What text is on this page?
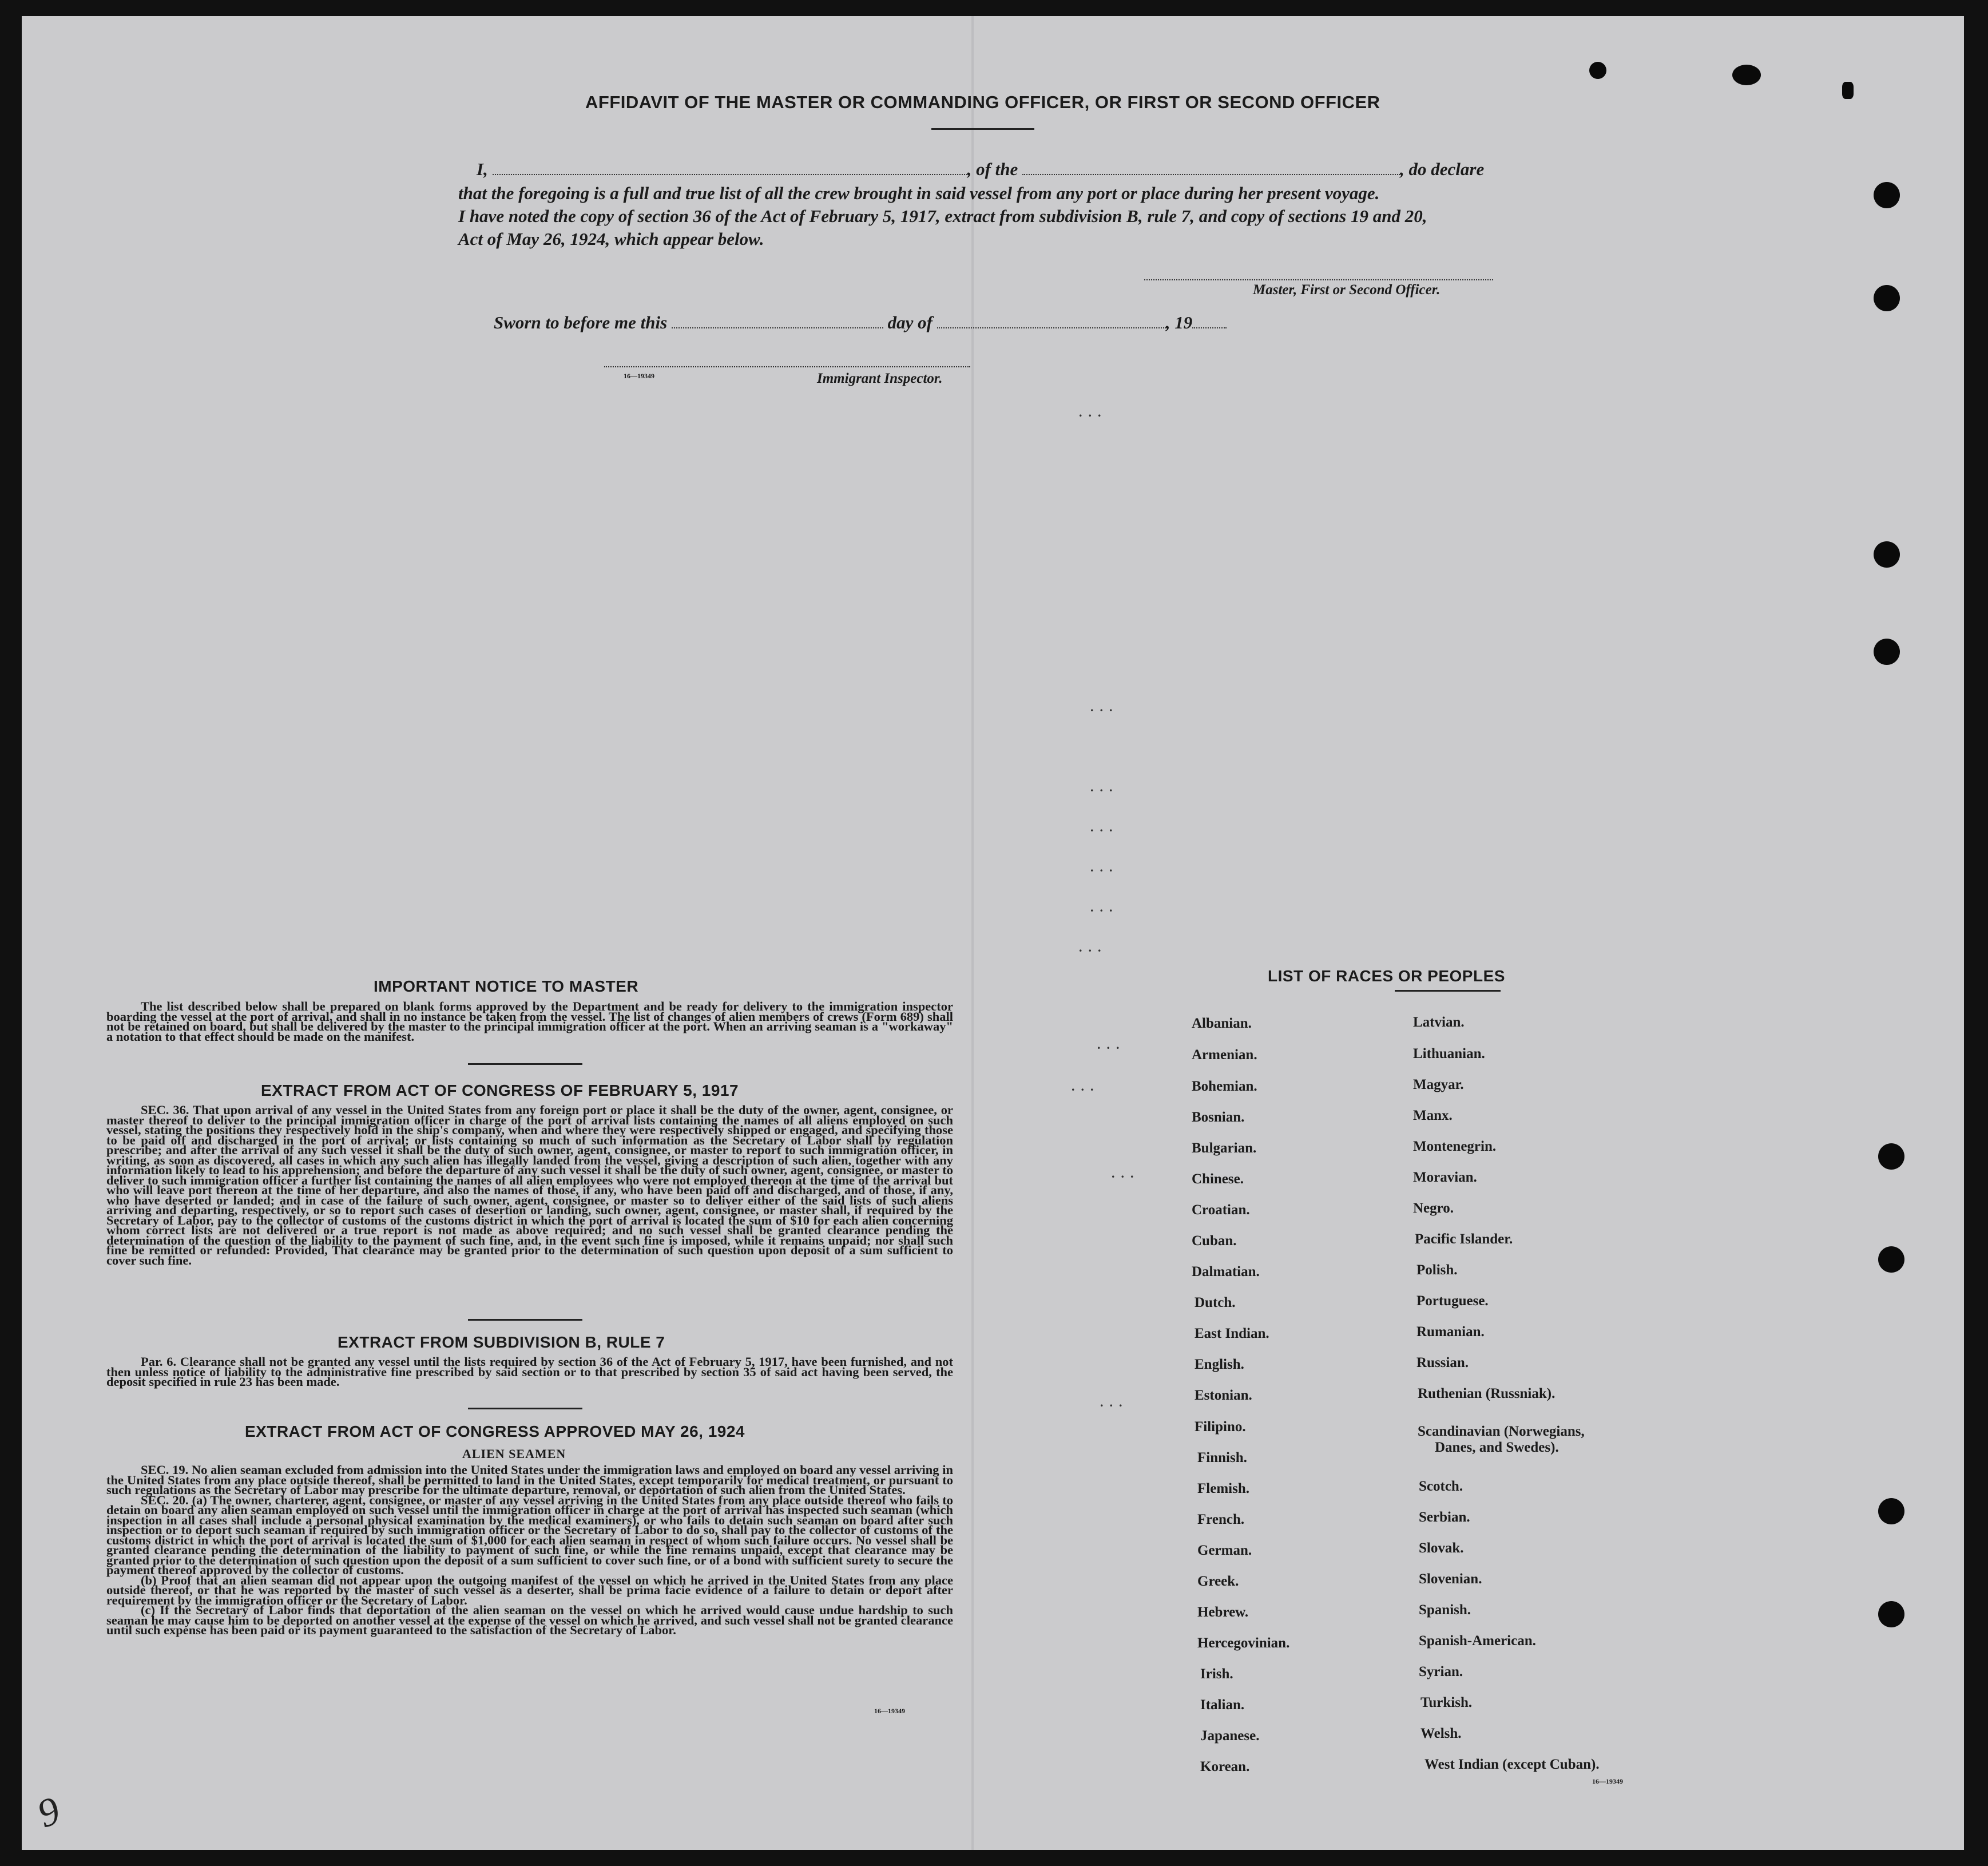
AFFIDAVIT OF THE MASTER OR COMMANDING OFFICER, OR FIRST OR SECOND OFFICER
I,	, of the	, do declare
that the foregoing is a full and true list of all the crew brought in said vessel from any port or place during her present voyage.
I have noted the copy of section 36 of the Act of February 5, 1917, extract from subdivision B, rule 7, and copy of sections 19 and 20,
Act of May 26, 1924, which appear below.
Master, First or Second Officer.
Sworn to before me this	day of	, 19
16—19349	Immigrant Inspector.
IMPORTANT NOTICE TO MASTER

The list described below shall be prepared on blank forms approved by the Department and be ready for delivery to the immigration inspector boarding the vessel at the port of arrival, and shall in no instance be taken from the vessel. The list of changes of alien members of crews (Form 689) shall not be retained on board, but shall be delivered by the master to the principal immigration officer at the port. When an arriving seaman is a "workaway" a notation to that effect should be made on the manifest.

EXTRACT FROM ACT OF CONGRESS OF FEBRUARY 5, 1917

SEC. 36. That upon arrival of any vessel in the United States from any foreign port or place it shall be the duty of the owner, agent, consignee, or master thereof to deliver to the principal immigration officer in charge of the port of arrival lists containing the names of all aliens employed on such vessel, stating the positions they respectively hold in the ship's company, when and where they were respectively shipped or engaged, and specifying those to be paid off and discharged in the port of arrival; or lists containing so much of such information as the Secretary of Labor shall by regulation prescribe; and after the arrival of any such vessel it shall be the duty of such owner, agent, consignee, or master to report to such immigration officer, in writing, as soon as discovered, all cases in which any such alien has illegally landed from the vessel, giving a description of such alien, together with any information likely to lead to his apprehension; and before the departure of any such vessel it shall be the duty of such owner, agent, consignee, or master to deliver to such immigration officer a further list containing the names of all alien employees who were not employed thereon at the time of the arrival but who will leave port thereon at the time of her departure, and also the names of those, if any, who have been paid off and discharged, and of those, if any, who have deserted or landed; and in case of the failure of such owner, agent, consignee, or master so to deliver either of the said lists of such aliens arriving and departing, respectively, or so to report such cases of desertion or landing, such owner, agent, consignee, or master shall, if required by the Secretary of Labor, pay to the collector of customs of the customs district in which the port of arrival is located the sum of $10 for each alien concerning whom correct lists are not delivered or a true report is not made as above required; and no such vessel shall be granted clearance pending the determination of the question of the liability to the payment of such fine, and, in the event such fine is imposed, while it remains unpaid; nor shall such fine be remitted or refunded: Provided, That clearance may be granted prior to the determination of such question upon deposit of a sum sufficient to cover such fine.

EXTRACT FROM SUBDIVISION B, RULE 7

Par. 6. Clearance shall not be granted any vessel until the lists required by section 36 of the Act of February 5, 1917, have been furnished, and not then unless notice of liability to the administrative fine prescribed by said section or to that prescribed by section 35 of said act having been served, the deposit specified in rule 23 has been made.

EXTRACT FROM ACT OF CONGRESS APPROVED MAY 26, 1924
ALIEN SEAMEN

SEC. 19. No alien seaman excluded from admission into the United States under the immigration laws and employed on board any vessel arriving in the United States from any place outside thereof, shall be permitted to land in the United States, except temporarily for medical treatment, or pursuant to such regulations as the Secretary of Labor may prescribe for the ultimate departure, removal, or deportation of such alien from the United States.

SEC. 20. (a) The owner, charterer, agent, consignee, or master of any vessel arriving in the United States from any place outside thereof who fails to detain on board any alien seaman employed on such vessel until the immigration officer in charge at the port of arrival has inspected such seaman (which inspection in all cases shall include a personal physical examination by the medical examiners), or who fails to detain such seaman on board after such inspection or to deport such seaman if required by such immigration officer or the Secretary of Labor to do so, shall pay to the collector of customs of the customs district in which the port of arrival is located the sum of $1,000 for each alien seaman in respect of whom such failure occurs. No vessel shall be granted clearance pending the determination of the liability to payment of such fine, or while the fine remains unpaid, except that clearance may be granted prior to the determination of such question upon the deposit of a sum sufficient to cover such fine, or of a bond with sufficient surety to secure the payment thereof approved by the collector of customs.

(b) Proof that an alien seaman did not appear upon the outgoing manifest of the vessel on which he arrived in the United States from any place outside thereof, or that he was reported by the master of such vessel as a deserter, shall be prima facie evidence of a failure to detain or deport after requirement by the immigration officer or the Secretary of Labor.

(c) If the Secretary of Labor finds that deportation of the alien seaman on the vessel on which he arrived would cause undue hardship to such seaman he may cause him to be deported on another vessel at the expense of the vessel on which he arrived, and such vessel shall not be granted clearance until such expense has been paid or its payment guaranteed to the satisfaction of the Secretary of Labor.

16—19349
LIST OF RACES OR PEOPLES
Albanian.
Armenian.
Bohemian.
Bosnian.
Bulgarian.
Chinese.
Croatian.
Cuban.
Dalmatian.
Dutch.
East Indian.
English.
Estonian.
Filipino.
Finnish.
Flemish.
French.
German.
Greek.
Hebrew.
Hercegovinian.
Irish.
Italian.
Japanese.
Korean.
Latvian.
Lithuanian.
Magyar.
Manx.
Montenegrin.
Moravian.
Negro.
Pacific Islander.
Polish.
Portuguese.
Rumanian.
Russian.
Ruthenian (Russniak).
Scandinavian (Norwegians,
Danes, and Swedes).
Scotch.
Serbian.
Slovak.
Slovenian.
Spanish.
Spanish-American.
Syrian.
Turkish.
Welsh.
West Indian (except Cuban).
16—19349
.  .  .
.  .  .
.  .  .
.  .  .
.  .  .
.  .  .
.  .  .
.  .  .
.  .  .
.  .  .
.  .  .
9
